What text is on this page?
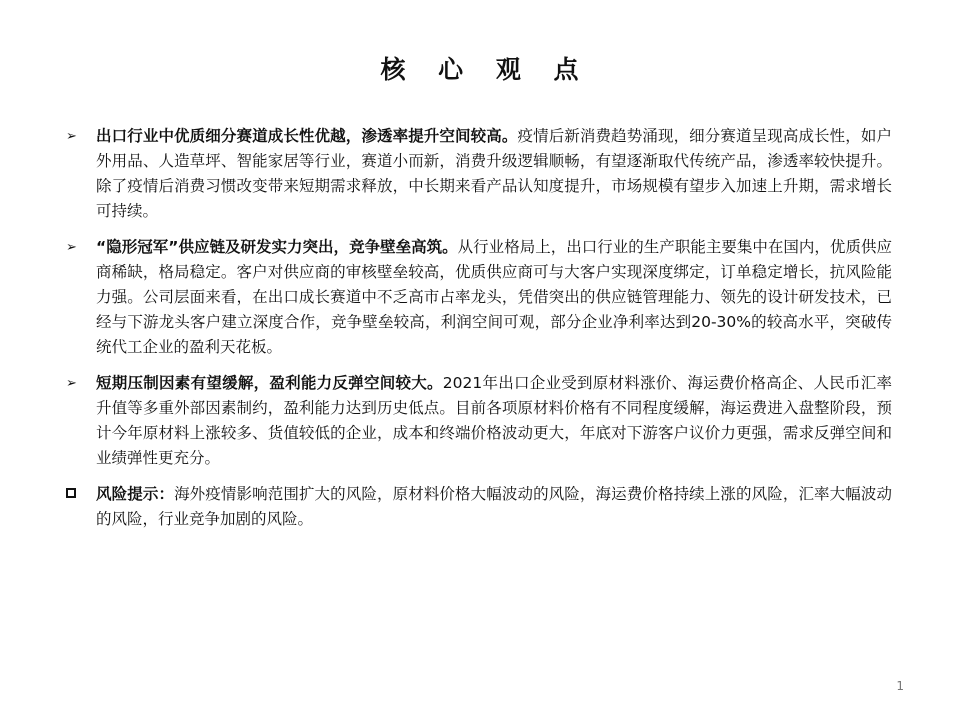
核 心 观 点
➢	出口行业中优质细分赛道成长性优越，渗透率提升空间较高。疫情后新消费趋势涌现，细分赛道呈现高成长性，如户外用品、人造草坪、智能家居等行业，赛道小而新，消费升级逻辑顺畅，有望逐渐取代传统产品，渗透率较快提升。除了疫情后消费习惯改变带来短期需求释放，中长期来看产品认知度提升，市场规模有望步入加速上升期，需求增长可持续。
➢	“隐形冠军”供应链及研发实力突出，竞争壁垒高筑。从行业格局上，出口行业的生产职能主要集中在国内，优质供应商稀缺，格局稳定。客户对供应商的审核壁垒较高，优质供应商可与大客户实现深度绑定，订单稳定增长，抗风险能力强。公司层面来看，在出口成长赛道中不乏高市占率龙头，凭借突出的供应链管理能力、领先的设计研发技术，已经与下游龙头客户建立深度合作，竞争壁垒较高，利润空间可观，部分企业净利率达到20-30%的较高水平，突破传统代工企业的盈利天花板。
➢	短期压制因素有望缓解，盈利能力反弹空间较大。2021年出口企业受到原材料涨价、海运费价格高企、人民币汇率升值等多重外部因素制约，盈利能力达到历史低点。目前各项原材料价格有不同程度缓解，海运费进入盘整阶段，预计今年原材料上涨较多、货值较低的企业，成本和终端价格波动更大，年底对下游客户议价力更强，需求反弹空间和业绩弹性更充分。
风险提示：海外疫情影响范围扩大的风险，原材料价格大幅波动的风险，海运费价格持续上涨的风险，汇率大幅波动的风险，行业竞争加剧的风险。
1
